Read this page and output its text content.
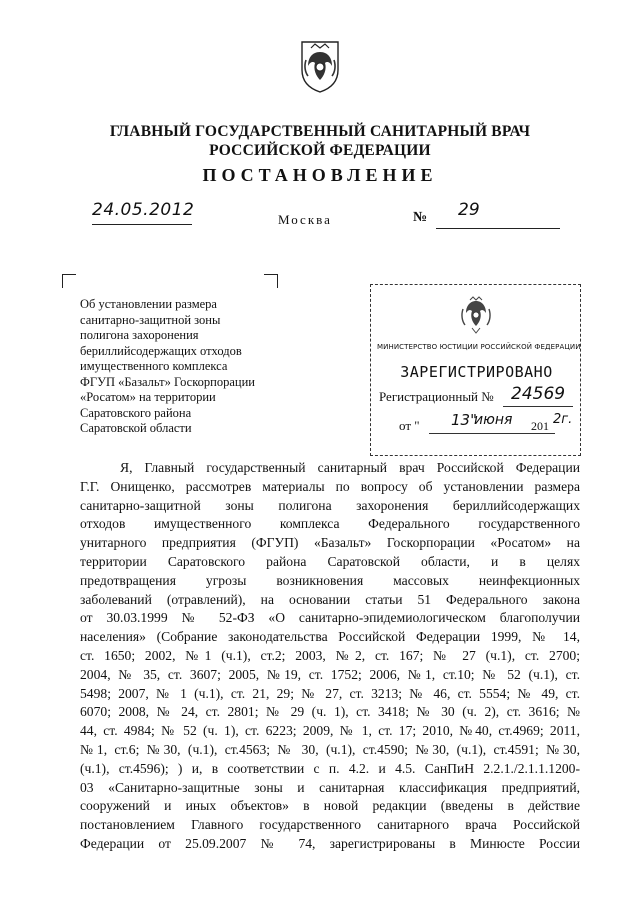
ГЛАВНЫЙ ГОСУДАРСТВЕННЫЙ САНИТАРНЫЙ ВРАЧ
РОССИЙСКОЙ ФЕДЕРАЦИИ
ПОСТАНОВЛЕНИЕ
24.05.2012	Москва	№ 29
Об установлении размера
санитарно-защитной зоны
полигона захоронения
бериллийсодержащих отходов
имущественного комплекса
ФГУП «Базальт» Госкорпорации
«Росатом» на территории
Саратовского района
Саратовской области
МИНИСТЕРСТВО ЮСТИЦИИ РОССИЙСКОЙ ФЕДЕРАЦИИ
ЗАРЕГИСТРИРОВАНО
Регистрационный № 24569
от " 13"
июня 201 2г.
Я, Главный государственный санитарный врач Российской Федерации
Г.Г. Онищенко, рассмотрев материалы по вопросу об установлении размера
санитарно-защитной зоны полигона захоронения бериллийсодержащих
отходов имущественного комплекса Федерального государственного
унитарного предприятия (ФГУП) «Базальт» Госкорпорации «Росатом» на
территории Саратовского района Саратовской области, и в целях
предотвращения угрозы возникновения массовых неинфекционных
заболеваний (отравлений), на основании статьи 51 Федерального закона
от 30.03.1999 № 52-ФЗ «О санитарно-эпидемиологическом благополучии
населения» (Собрание законодательства Российской Федерации 1999, № 14,
ст. 1650; 2002, №1 (ч.1), ст.2; 2003, №2, ст. 167; № 27 (ч.1), ст. 2700;
2004, № 35, ст. 3607; 2005, №19, ст. 1752; 2006, №1, ст.10; № 52 (ч.1), ст.
5498; 2007, № 1 (ч.1), ст. 21, 29; № 27, ст. 3213; № 46, ст. 5554; № 49, ст.
6070; 2008, № 24, ст. 2801; № 29 (ч. 1), ст. 3418; № 30 (ч. 2), ст. 3616; №
44, ст. 4984; № 52 (ч. 1), ст. 6223; 2009, № 1, ст. 17; 2010, №40, ст.4969; 2011,
№1, ст.6; №30, (ч.1), ст.4563; № 30, (ч.1), ст.4590; №30, (ч.1), ст.4591; №30,
(ч.1), ст.4596); ) и, в соответствии с п. 4.2. и 4.5. СанПиН 2.2.1./2.1.1.1200-
03 «Санитарно-защитные зоны и санитарная классификация предприятий,
сооружений и иных объектов» в новой редакции (введены в действие
постановлением Главного государственного санитарного врача Российской
Федерации от 25.09.2007 № 74, зарегистрированы в Минюсте России
